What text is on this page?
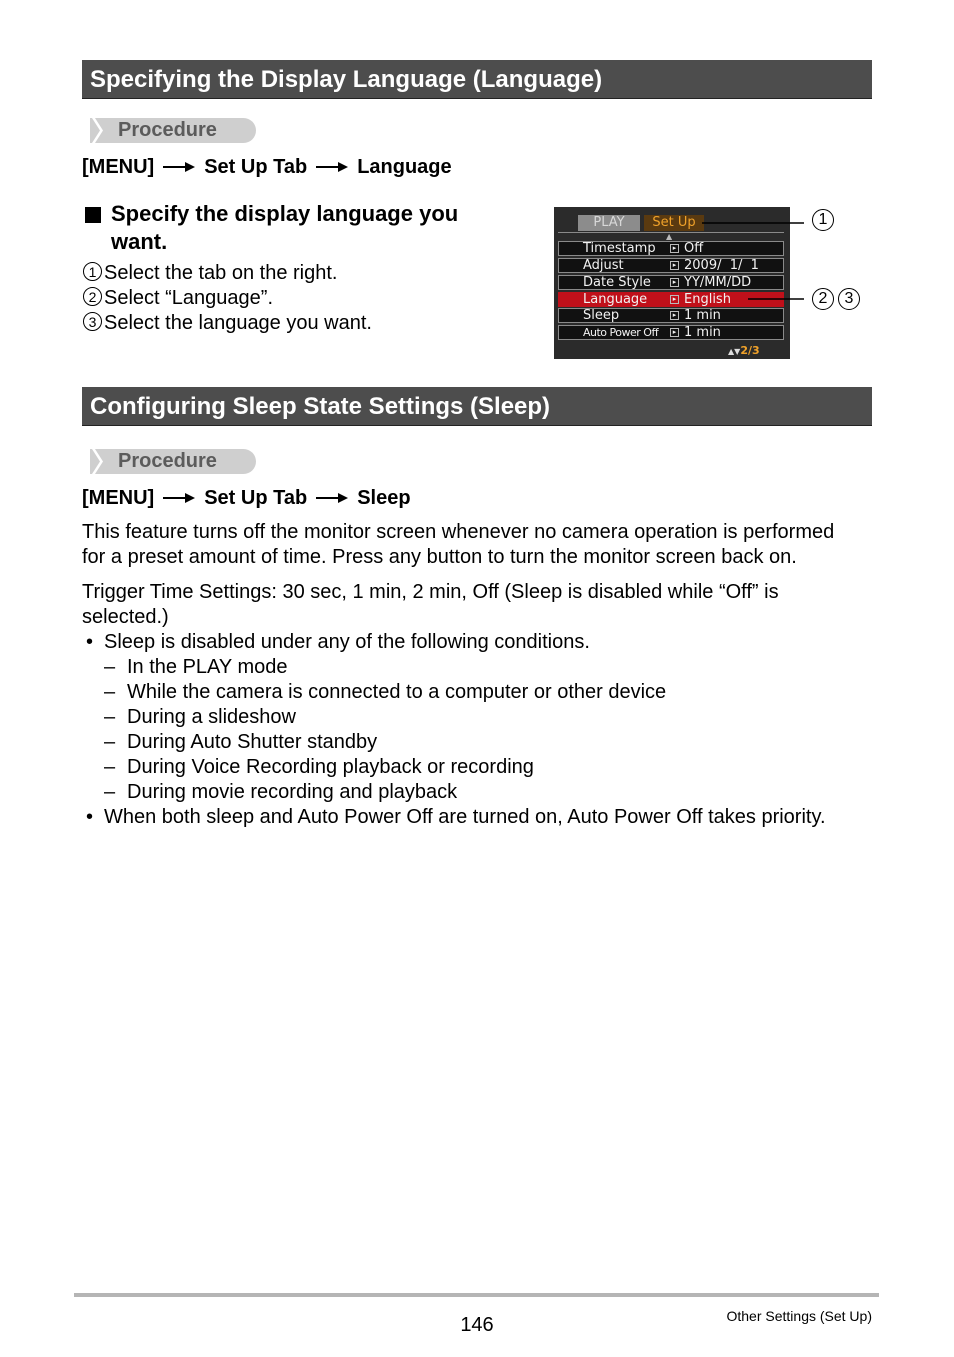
Specifying the Display Language (Language)
Procedure
[MENU]	Set Up Tab	Language
Specify the display language you
want.
1 Select the tab on the right.
2 Select “Language”.
3 Select the language you want.
PLAY	Set Up
▲
Timestamp	▸ Off
Adjust	▸ 2009/  1/  1
Date Style	▸ YY/MM/DD
Language	▸ English
Sleep	▸ 1 min
Auto Power Off	▸ 1 min
▲▼2/3
1
2 3
Configuring Sleep State Settings (Sleep)
Procedure
[MENU]	Set Up Tab	Sleep
This feature turns off the monitor screen whenever no camera operation is performed
for a preset amount of time. Press any button to turn the monitor screen back on.
Trigger Time Settings: 30 sec, 1 min, 2 min, Off (Sleep is disabled while “Off” is
selected.)
• Sleep is disabled under any of the following conditions.
– In the PLAY mode
– While the camera is connected to a computer or other device
– During a slideshow
– During Auto Shutter standby
– During Voice Recording playback or recording
– During movie recording and playback
• When both sleep and Auto Power Off are turned on, Auto Power Off takes priority.
146	Other Settings (Set Up)
